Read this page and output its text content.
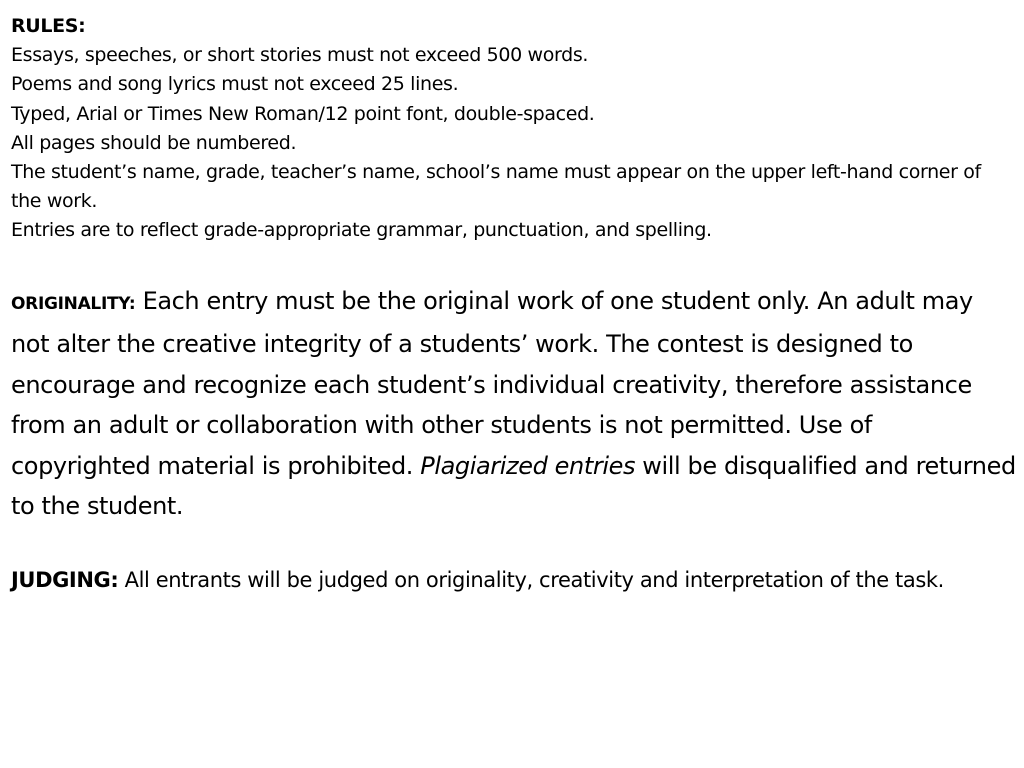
RULES:
Essays, speeches, or short stories must not exceed 500 words.
Poems and song lyrics must not exceed 25 lines.
Typed, Arial or Times New Roman/12 point font, double-spaced.
All pages should be numbered.
The student’s name, grade, teacher’s name, school’s name must appear on the upper left-hand corner of the work.
Entries are to reflect grade-appropriate grammar, punctuation, and spelling.
ORIGINALITY: Each entry must be the original work of one student only. An adult may not alter the creative integrity of a students’ work. The contest is designed to encourage and recognize each student’s individual creativity, therefore assistance from an adult or collaboration with other students is not permitted. Use of copyrighted material is prohibited. Plagiarized entries will be disqualified and returned to the student.
JUDGING: All entrants will be judged on originality, creativity and interpretation of the task.
